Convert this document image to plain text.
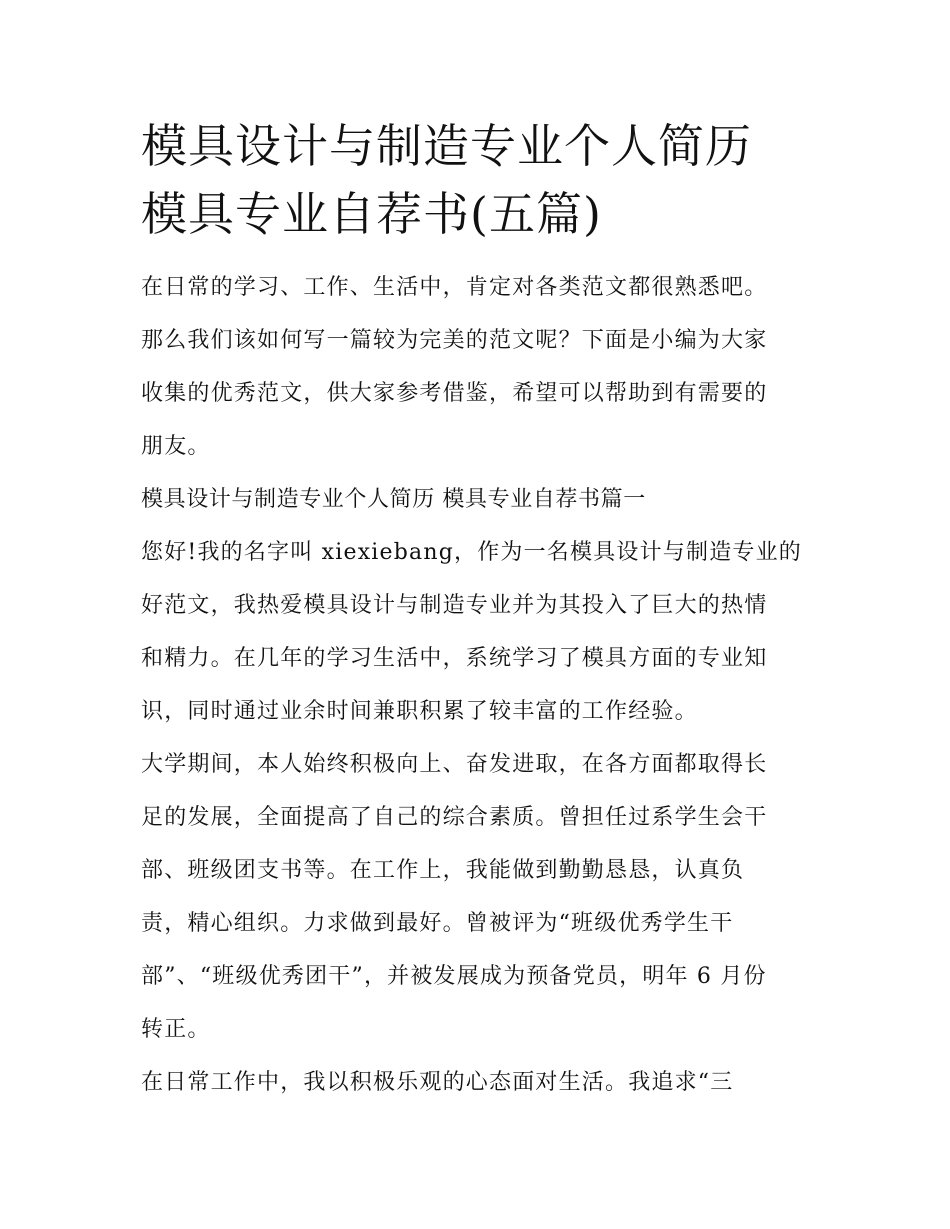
模具设计与制造专业个人简历
模具专业自荐书(五篇)

在日常的学习、工作、生活中，肯定对各类范文都很熟悉吧。
那么我们该如何写一篇较为完美的范文呢？下面是小编为大家
收集的优秀范文，供大家参考借鉴，希望可以帮助到有需要的
朋友。

模具设计与制造专业个人简历 模具专业自荐书篇一

您好!我的名字叫 xiexiebang，作为一名模具设计与制造专业的
好范文，我热爱模具设计与制造专业并为其投入了巨大的热情
和精力。在几年的学习生活中，系统学习了模具方面的专业知
识，同时通过业余时间兼职积累了较丰富的工作经验。

大学期间，本人始终积极向上、奋发进取，在各方面都取得长
足的发展，全面提高了自己的综合素质。曾担任过系学生会干
部、班级团支书等。在工作上，我能做到勤勤恳恳，认真负
责，精心组织。力求做到最好。曾被评为“班级优秀学生干
部”、“班级优秀团干”，并被发展成为预备党员，明年 6 月份
转正。

在日常工作中，我以积极乐观的心态面对生活。我追求“三
